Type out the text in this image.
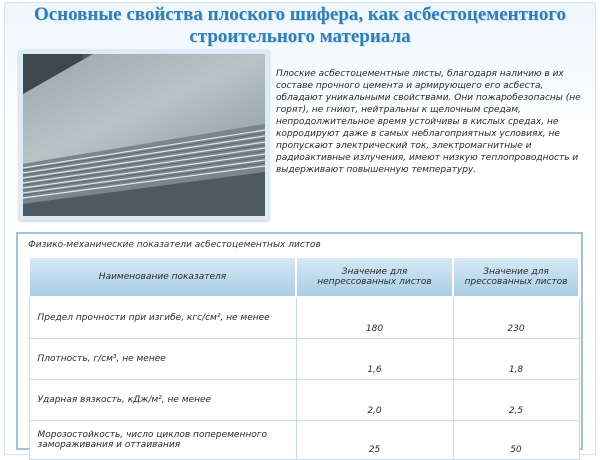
Основные свойства плоского шифера, как асбестоцементного
строительного материала
Плоские асбестоцементные листы, благодаря наличию в их составе прочного цемента и армирующего его асбеста, обладают уникальными свойствами. Они пожаробезопасны (не горят), не гниют, нейтральны к щелочным средам, непродолжительное время устойчивы в кислых средах, не корродируют даже в самых неблагоприятных условиях, не пропускают электрический ток, электромагнитные и радиоактивные излучения, имеют низкую теплопроводность и выдерживают повышенную температуру.
Физико-механические показатели асбестоцементных листов
Наименование показателя	Значение для непрессованных листов	Значение для прессованных листов
Предел прочности при изгибе, кгс/см², не менее	180	230
Плотность, г/см³, не менее	1,6	1,8
Ударная вязкость, кДж/м², не менее	2,0	2,5
Морозостойкость, число циклов попеременного замораживания и оттаивания	25	50
